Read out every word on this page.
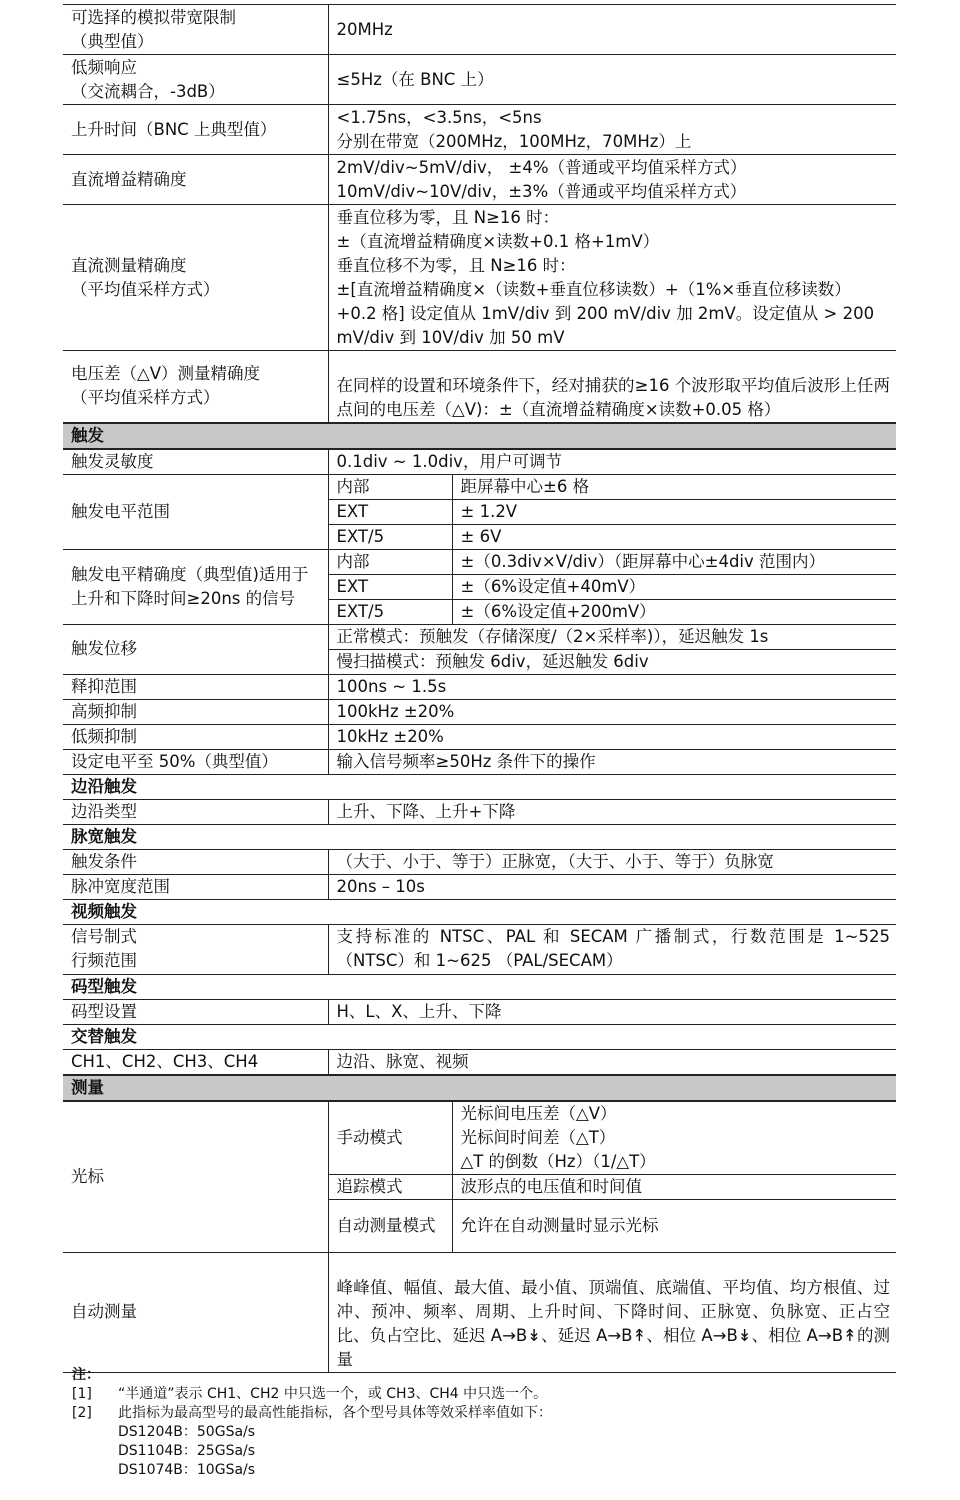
可选择的模拟带宽限制
（典型值）	20MHz	

低频响应
（交流耦合，-3dB）	≤5Hz（在 BNC 上）	

上升时间（BNC 上典型值）	<1.75ns，<3.5ns，<5ns
分别在带宽（200MHz，100MHz，70MHz）上	

直流增益精确度	2mV/div~5mV/div， ±4%（普通或平均值采样方式）
10mV/div~10V/div，±3%（普通或平均值采样方式）	

直流测量精确度
（平均值采样方式）	垂直位移为零，且 N≥16 时：
±（直流增益精确度×读数+0.1 格+1mV）
垂直位移不为零，且 N≥16 时：
±[直流增益精确度×（读数+垂直位移读数）+（1%×垂直位移读数）+0.2 格] 设定值从 1mV/div 到 200 mV/div 加 2mV。设定值从 > 200 mV/div 到 10V/div 加 50 mV	

电压差（△V）测量精确度
（平均值采样方式）	在同样的设置和环境条件下，经对捕获的≥16 个波形取平均值后波形上任两点间的电压差（△V)：±（直流增益精确度×读数+0.05 格）	

触发		

触发灵敏度	0.1div ~ 1.0div，用户可调节	

触发电平范围	内部	距屏幕中心±6 格

	EXT	± 1.2V

	EXT/5	± 6V

触发电平精确度（典型值)适用于上升和下降时间≥20ns 的信号	内部	±（0.3div×V/div）（距屏幕中心±4div 范围内）

	EXT	±（6%设定值+40mV）

	EXT/5	±（6%设定值+200mV）

触发位移	正常模式：预触发（存储深度/（2×采样率)），延迟触发 1s	

	慢扫描模式：预触发 6div，延迟触发 6div	

释抑范围	100ns ~ 1.5s	

高频抑制	100kHz ±20%	

低频抑制	10kHz ±20%	

设定电平至 50%（典型值）	输入信号频率≥50Hz 条件下的操作	

边沿触发		

边沿类型	上升、下降、上升+下降	

脉宽触发		

触发条件	（大于、小于、等于）正脉宽，（大于、小于、等于）负脉宽	

脉冲宽度范围	20ns – 10s	

视频触发		

信号制式
行频范围	支持标准的 NTSC、PAL 和 SECAM 广播制式，行数范围是 1~525（NTSC）和 1~625 （PAL/SECAM）	

码型触发		

码型设置	H、L、X、上升、下降	

交替触发		

CH1、CH2、CH3、CH4	边沿、脉宽、视频	

测量		

光标	手动模式	光标间电压差（△V）
光标间时间差（△T）
△T 的倒数（Hz）（1/△T）

	追踪模式	波形点的电压值和时间值

	自动测量模式	允许在自动测量时显示光标

自动测量	峰峰值、幅值、最大值、最小值、顶端值、底端值、平均值、均方根值、过冲、预冲、频率、周期、上升时间、下降时间、正脉宽、负脉宽、正占空比、负占空比、延迟 A→B↡、延迟 A→B↟、相位 A→B↡、相位 A→B↟的测量	
注：
[1]	“半通道”表示 CH1、CH2 中只选一个，或 CH3、CH4 中只选一个。
[2]	此指标为最高型号的最高性能指标，各个型号具体等效采样率值如下：
DS1204B：50GSa/s
DS1104B：25GSa/s
DS1074B：10GSa/s
